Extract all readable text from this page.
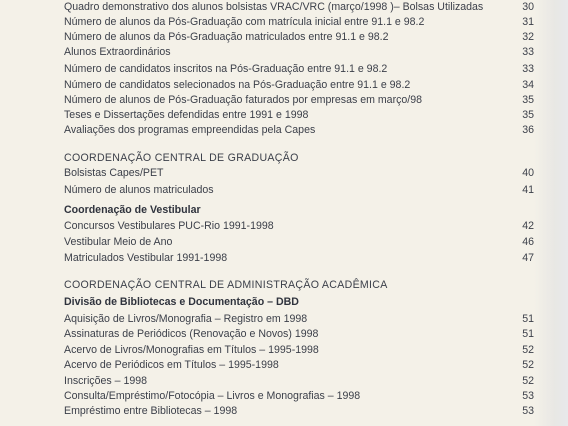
Quadro demonstrativo dos alunos bolsistas VRAC/VRC (março/1998 )– Bolsas Utilizadas	30
Número de alunos da Pós-Graduação com matrícula inicial entre 91.1 e 98.2	31
Número de alunos da Pós-Graduação matriculados entre 91.1 e 98.2	32
Alunos Extraordinários	33
Número de candidatos inscritos na Pós-Graduação entre 91.1 e 98.2	33
Número de candidatos selecionados na Pós-Graduação entre 91.1 e 98.2	34
Número de alunos de Pós-Graduação faturados por empresas em março/98	35
Teses e Dissertações defendidas entre 1991 e 1998	35
Avaliações dos programas empreendidas pela Capes	36
COORDENAÇÃO CENTRAL DE GRADUAÇÃO
Bolsistas Capes/PET	40
Número de alunos matriculados	41
Coordenação de Vestibular
Concursos Vestibulares PUC-Rio 1991-1998	42
Vestibular Meio de Ano	46
Matriculados Vestibular 1991-1998	47
COORDENAÇÃO CENTRAL DE ADMINISTRAÇÃO ACADÊMICA
Divisão de Bibliotecas e Documentação – DBD
Aquisição de Livros/Monografia – Registro em 1998	51
Assinaturas de Periódicos (Renovação e Novos) 1998	51
Acervo de Livros/Monografias em Títulos – 1995-1998	52
Acervo de Periódicos em Títulos – 1995-1998	52
Inscrições – 1998	52
Consulta/Empréstimo/Fotocópia – Livros e Monografias – 1998	53
Empréstimo entre Bibliotecas – 1998	53
